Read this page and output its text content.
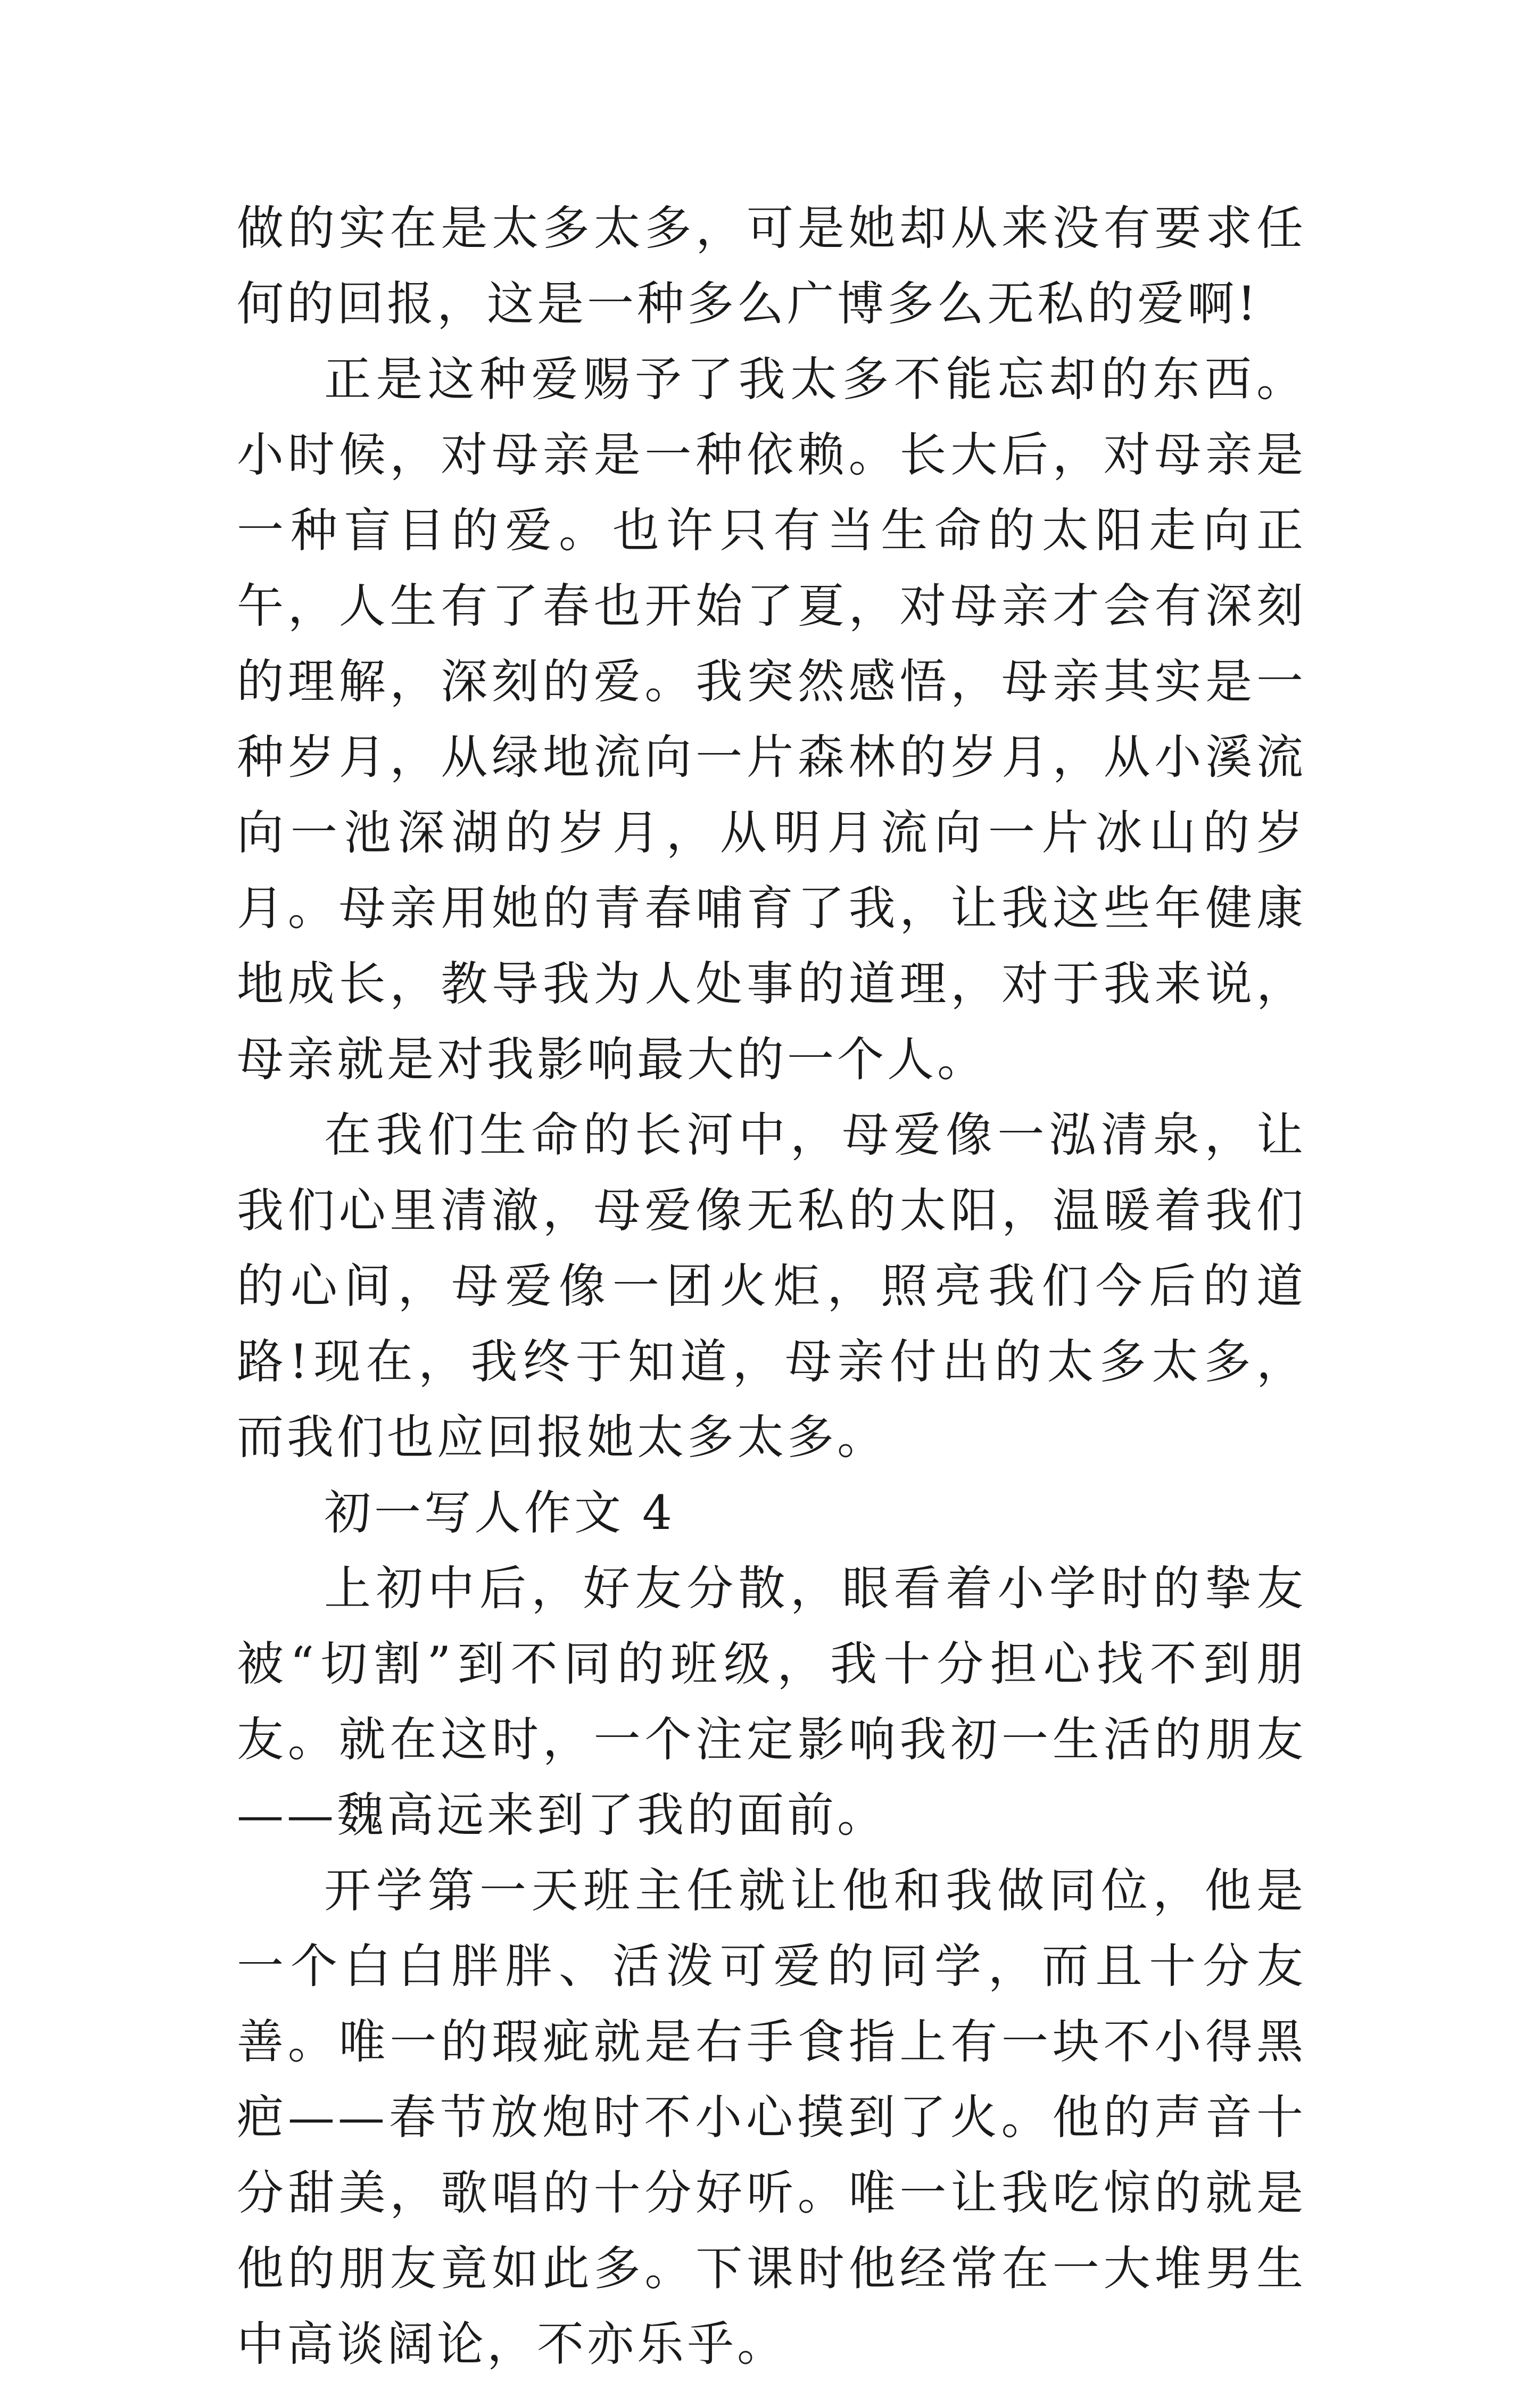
做的实在是太多太多，可是她却从来没有要求任何的回报，这是一种多么广博多么无私的爱啊!

正是这种爱赐予了我太多不能忘却的东西。小时候，对母亲是一种依赖。长大后，对母亲是一种盲目的爱。也许只有当生命的太阳走向正午，人生有了春也开始了夏，对母亲才会有深刻的理解，深刻的爱。我突然感悟，母亲其实是一种岁月，从绿地流向一片森林的岁月，从小溪流向一池深湖的岁月，从明月流向一片冰山的岁月。母亲用她的青春哺育了我，让我这些年健康地成长，教导我为人处事的道理，对于我来说，母亲就是对我影响最大的一个人。

在我们生命的长河中，母爱像一泓清泉，让我们心里清澈，母爱像无私的太阳，温暖着我们的心间，母爱像一团火炬，照亮我们今后的道路!现在，我终于知道，母亲付出的太多太多，而我们也应回报她太多太多。

初一写人作文 4

上初中后，好友分散，眼看着小学时的挚友被“切割”到不同的班级，我十分担心找不到朋友。就在这时，一个注定影响我初一生活的朋友——魏高远来到了我的面前。

开学第一天班主任就让他和我做同位，他是一个白白胖胖、活泼可爱的同学，而且十分友善。唯一的瑕疵就是右手食指上有一块不小得黑疤——春节放炮时不小心摸到了火。他的声音十分甜美，歌唱的十分好听。唯一让我吃惊的就是他的朋友竟如此多。下课时他经常在一大堆男生中高谈阔论，不亦乐乎。
